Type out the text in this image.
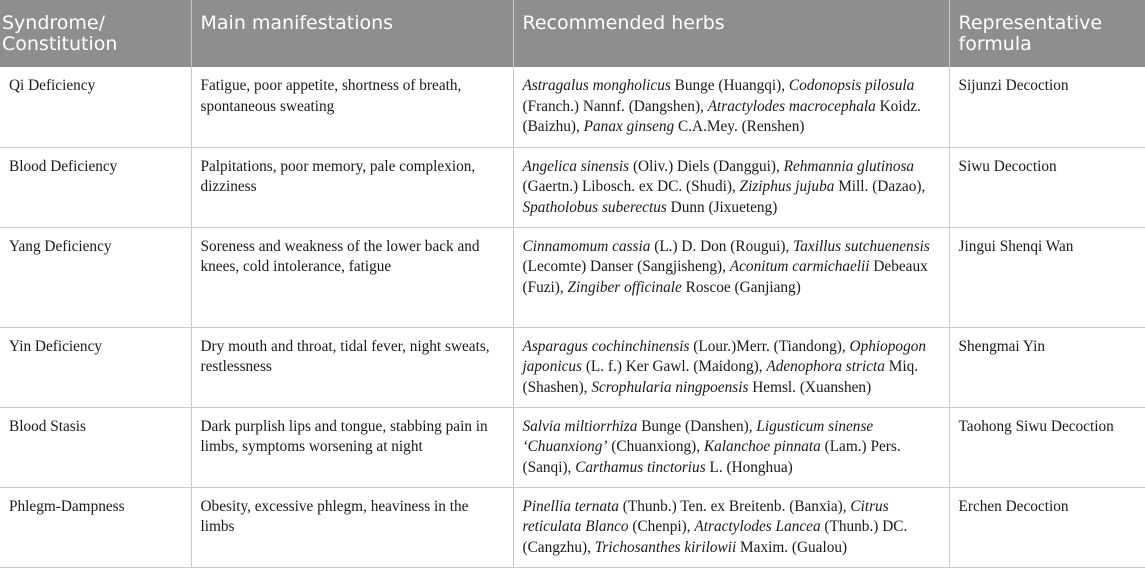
Syndrome/ Constitution	Main manifestations	Recommended herbs	Representative formula
Qi Deficiency	Fatigue, poor appetite, shortness of breath, spontaneous sweating	Astragalus mongholicus Bunge (Huangqi), Codonopsis pilosula (Franch.) Nannf. (Dangshen), Atractylodes macrocephala Koidz. (Baizhu), Panax ginseng C.A.Mey. (Renshen)	Sijunzi Decoction
Blood Deficiency	Palpitations, poor memory, pale complexion, dizziness	Angelica sinensis (Oliv.) Diels (Danggui), Rehmannia glutinosa (Gaertn.) Libosch. ex DC. (Shudi), Ziziphus jujuba Mill. (Dazao), Spatholobus suberectus Dunn (Jixueteng)	Siwu Decoction
Yang Deficiency	Soreness and weakness of the lower back and knees, cold intolerance, fatigue	Cinnamomum cassia (L.) D. Don (Rougui), Taxillus sutchuenensis (Lecomte) Danser (Sangjisheng), Aconitum carmichaelii Debeaux (Fuzi), Zingiber officinale Roscoe (Ganjiang)	Jingui Shenqi Wan
Yin Deficiency	Dry mouth and throat, tidal fever, night sweats, restlessness	Asparagus cochinchinensis (Lour.)Merr. (Tiandong), Ophiopogon japonicus (L. f.) Ker Gawl. (Maidong), Adenophora stricta Miq. (Shashen), Scrophularia ningpoensis Hemsl. (Xuanshen)	Shengmai Yin
Blood Stasis	Dark purplish lips and tongue, stabbing pain in limbs, symptoms worsening at night	Salvia miltiorrhiza Bunge (Danshen), Ligusticum sinense ‘Chuanxiong’ (Chuanxiong), Kalanchoe pinnata (Lam.) Pers. (Sanqi), Carthamus tinctorius L. (Honghua)	Taohong Siwu Decoction
Phlegm-Dampness	Obesity, excessive phlegm, heaviness in the limbs	Pinellia ternata (Thunb.) Ten. ex Breitenb. (Banxia), Citrus reticulata Blanco (Chenpi), Atractylodes Lancea (Thunb.) DC. (Cangzhu), Trichosanthes kirilowii Maxim. (Gualou)	Erchen Decoction
